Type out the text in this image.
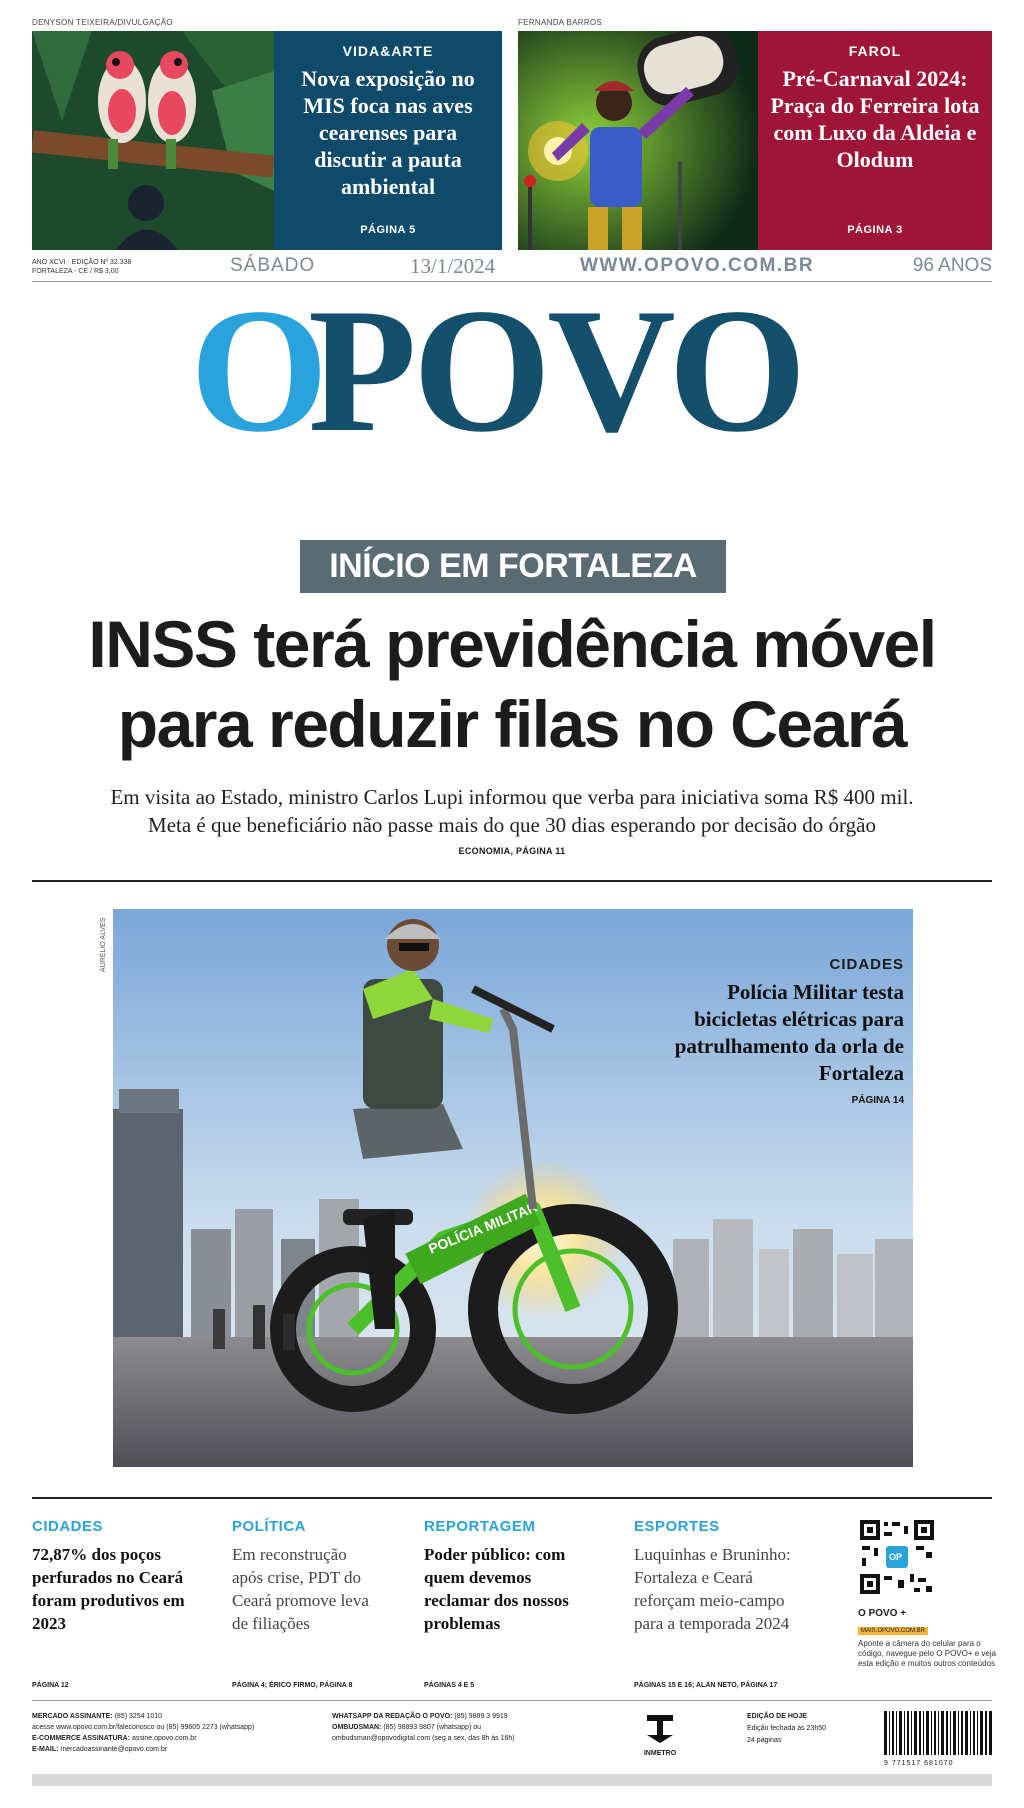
DENYSON TEIXEIRA/DIVULGAÇÃO
VIDA&ARTE
Nova exposição no MIS foca nas aves cearenses para discutir a pauta ambiental
PÁGINA 5
FERNANDA BARROS
FAROL
Pré-Carnaval 2024: Praça do Ferreira lota com Luxo da Aldeia e Olodum
PÁGINA 3
ANO XCVI · EDIÇÃO Nº 32.338
FORTALEZA - CE / R$ 3,00	SÁBADO	13/1/2024	WWW.OPOVO.COM.BR	96 ANOS
O
POVO
INÍCIO EM FORTALEZA
INSS terá previdência móvel
para reduzir filas no Ceará
Em visita ao Estado, ministro Carlos Lupi informou que verba para iniciativa soma R$ 400 mil.
Meta é que beneficiário não passe mais do que 30 dias esperando por decisão do órgão
ECONOMIA, PÁGINA 11
AURÉLIO ALVES
POLÍCIA MILITAR
CIDADES
Polícia Militar testa bicicletas elétricas para patrulhamento da orla de Fortaleza
PÁGINA 14
CIDADES
72,87% dos poços perfurados no Ceará foram produtivos em 2023
PÁGINA 12
POLÍTICA
Em reconstrução após crise, PDT do Ceará promove leva de filiações
PÁGINA 4; ÉRICO FIRMO, PÁGINA 8
REPORTAGEM
Poder público: com quem devemos reclamar dos nossos problemas
PÁGINAS 4 E 5
ESPORTES
Luquinhas e Bruninho: Fortaleza e Ceará reforçam meio-campo para a temporada 2024
PÁGINAS 15 E 16; ALAN NETO, PÁGINA 17
OP
O POVO +
MAIS.OPOVO.COM.BR
Aponte a câmera do celular para o código, navegue pelo O POVO+ e veja esta edição e muitos outros conteúdos
MERCADO ASSINANTE: (85) 3254 1010
acesse www.opovo.com.br/faleconosco ou (85) 99605 2273 (whatsapp)
E-COMMERCE ASSINATURA: assine.opovo.com.br
E-MAIL: mercadoassinante@opovo.com.br
WHATSAPP DA REDAÇÃO O POVO: (85) 9889 3 9919
OMBUDSMAN: (85) 98893 9807 (whatsapp) ou
ombudsman@opovodigital.com (seg a sex, das 8h às 16h)
INMETRO
EDIÇÃO DE HOJE
Edição fechada às 23h50
24 páginas
9 771517 681070
